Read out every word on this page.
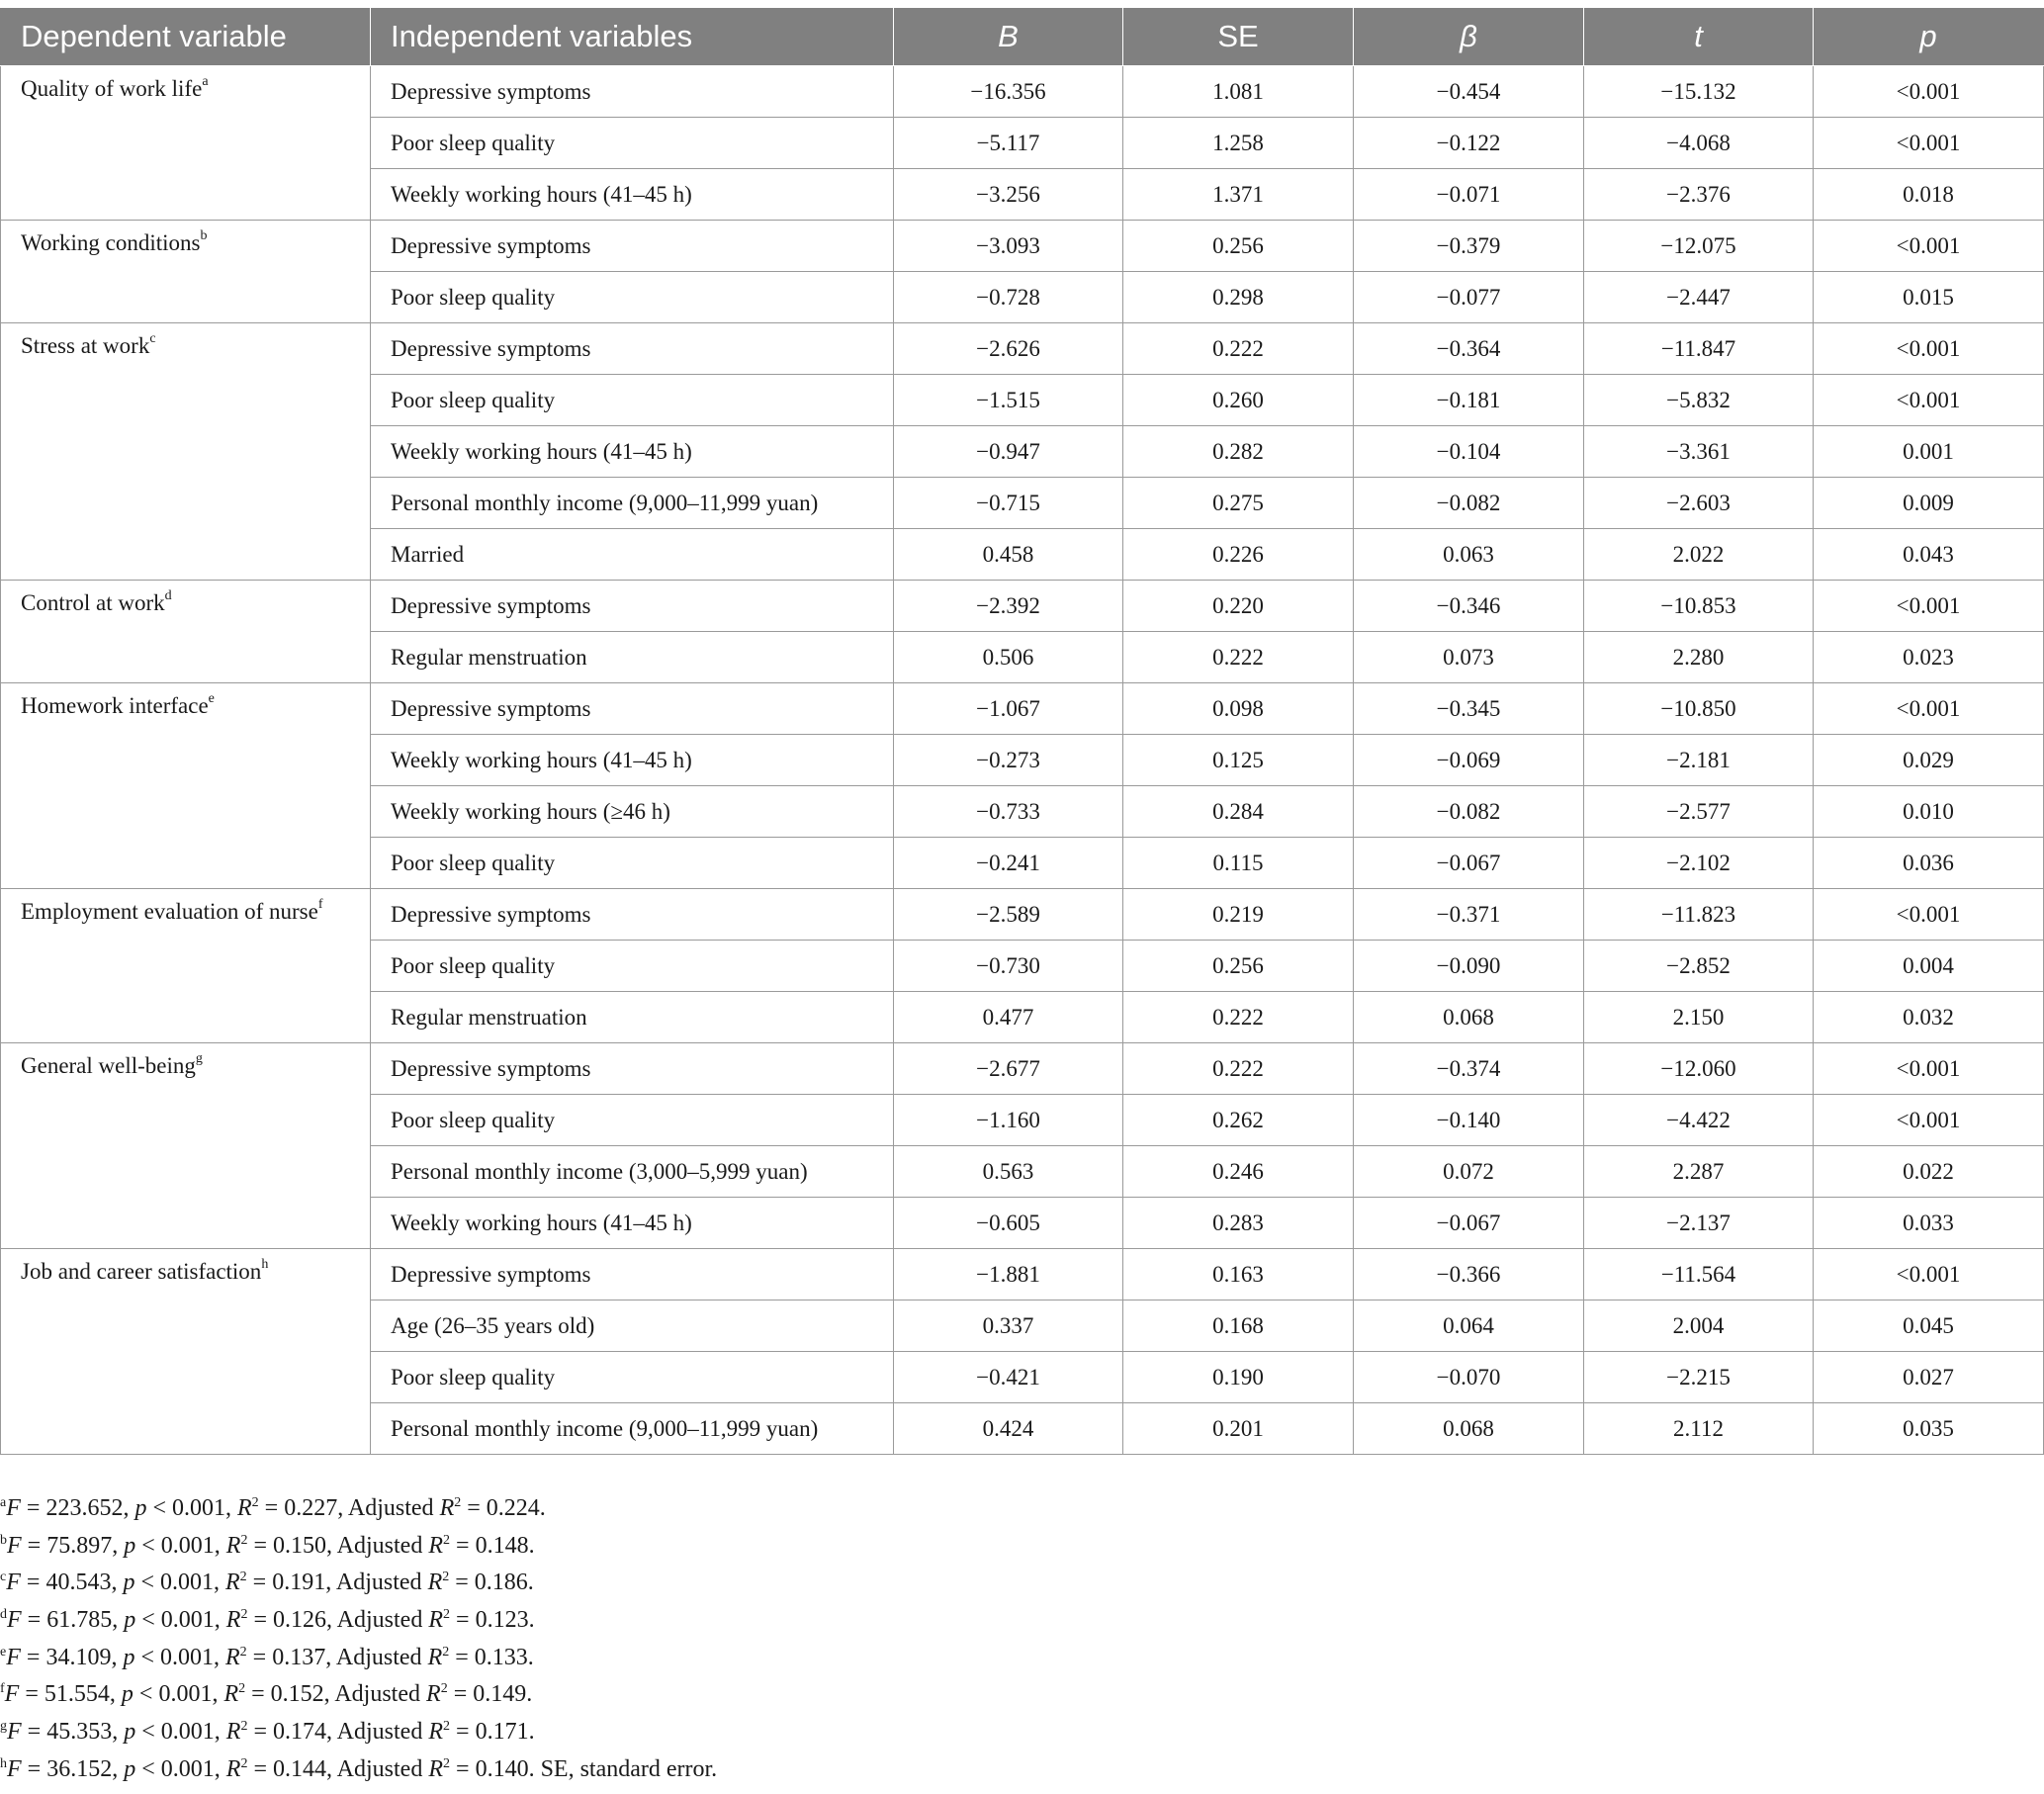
Dependent variable	Independent variables	B	SE	β	t	p
Quality of work life$^a$	Depressive symptoms	−16.356	1.081	−0.454	−15.132	<0.001
	Poor sleep quality	−5.117	1.258	−0.122	−4.068	<0.001
	Weekly working hours (41–45 h)	−3.256	1.371	−0.071	−2.376	0.018
Working conditions$^b$	Depressive symptoms	−3.093	0.256	−0.379	−12.075	<0.001
	Poor sleep quality	−0.728	0.298	−0.077	−2.447	0.015
Stress at work$^c$	Depressive symptoms	−2.626	0.222	−0.364	−11.847	<0.001
	Poor sleep quality	−1.515	0.260	−0.181	−5.832	<0.001
	Weekly working hours (41–45 h)	−0.947	0.282	−0.104	−3.361	0.001
	Personal monthly income (9,000–11,999 yuan)	−0.715	0.275	−0.082	−2.603	0.009
	Married	0.458	0.226	0.063	2.022	0.043
Control at work$^d$	Depressive symptoms	−2.392	0.220	−0.346	−10.853	<0.001
	Regular menstruation	0.506	0.222	0.073	2.280	0.023
Homework interface$^e$	Depressive symptoms	−1.067	0.098	−0.345	−10.850	<0.001
	Weekly working hours (41–45 h)	−0.273	0.125	−0.069	−2.181	0.029
	Weekly working hours (≥46 h)	−0.733	0.284	−0.082	−2.577	0.010
	Poor sleep quality	−0.241	0.115	−0.067	−2.102	0.036
Employment evaluation of nurse$^f$	Depressive symptoms	−2.589	0.219	−0.371	−11.823	<0.001
	Poor sleep quality	−0.730	0.256	−0.090	−2.852	0.004
	Regular menstruation	0.477	0.222	0.068	2.150	0.032
General well-being$^g$	Depressive symptoms	−2.677	0.222	−0.374	−12.060	<0.001
	Poor sleep quality	−1.160	0.262	−0.140	−4.422	<0.001
	Personal monthly income (3,000–5,999 yuan)	0.563	0.246	0.072	2.287	0.022
	Weekly working hours (41–45 h)	−0.605	0.283	−0.067	−2.137	0.033
Job and career satisfaction$^h$	Depressive symptoms	−1.881	0.163	−0.366	−11.564	<0.001
	Age (26–35 years old)	0.337	0.168	0.064	2.004	0.045
	Poor sleep quality	−0.421	0.190	−0.070	−2.215	0.027
	Personal monthly income (9,000–11,999 yuan)	0.424	0.201	0.068	2.112	0.035
$^a$F = 223.652, p < 0.001, $R^2 = 0.227$, Adjusted $R^2 = 0.224$.
$^b$F = 75.897, p < 0.001, $R^2 = 0.150$, Adjusted $R^2 = 0.148$.
$^c$F = 40.543, p < 0.001, $R^2 = 0.191$, Adjusted $R^2 = 0.186$.
$^d$F = 61.785, p < 0.001, $R^2 = 0.126$, Adjusted $R^2 = 0.123$.
$^e$F = 34.109, p < 0.001, $R^2 = 0.137$, Adjusted $R^2 = 0.133$.
$^f$F = 51.554, p < 0.001, $R^2 = 0.152$, Adjusted $R^2 = 0.149$.
$^g$F = 45.353, p < 0.001, $R^2 = 0.174$, Adjusted $R^2 = 0.171$.
$^h$F = 36.152, p < 0.001, $R^2 = 0.144$, Adjusted $R^2 = 0.140$. SE, standard error.
